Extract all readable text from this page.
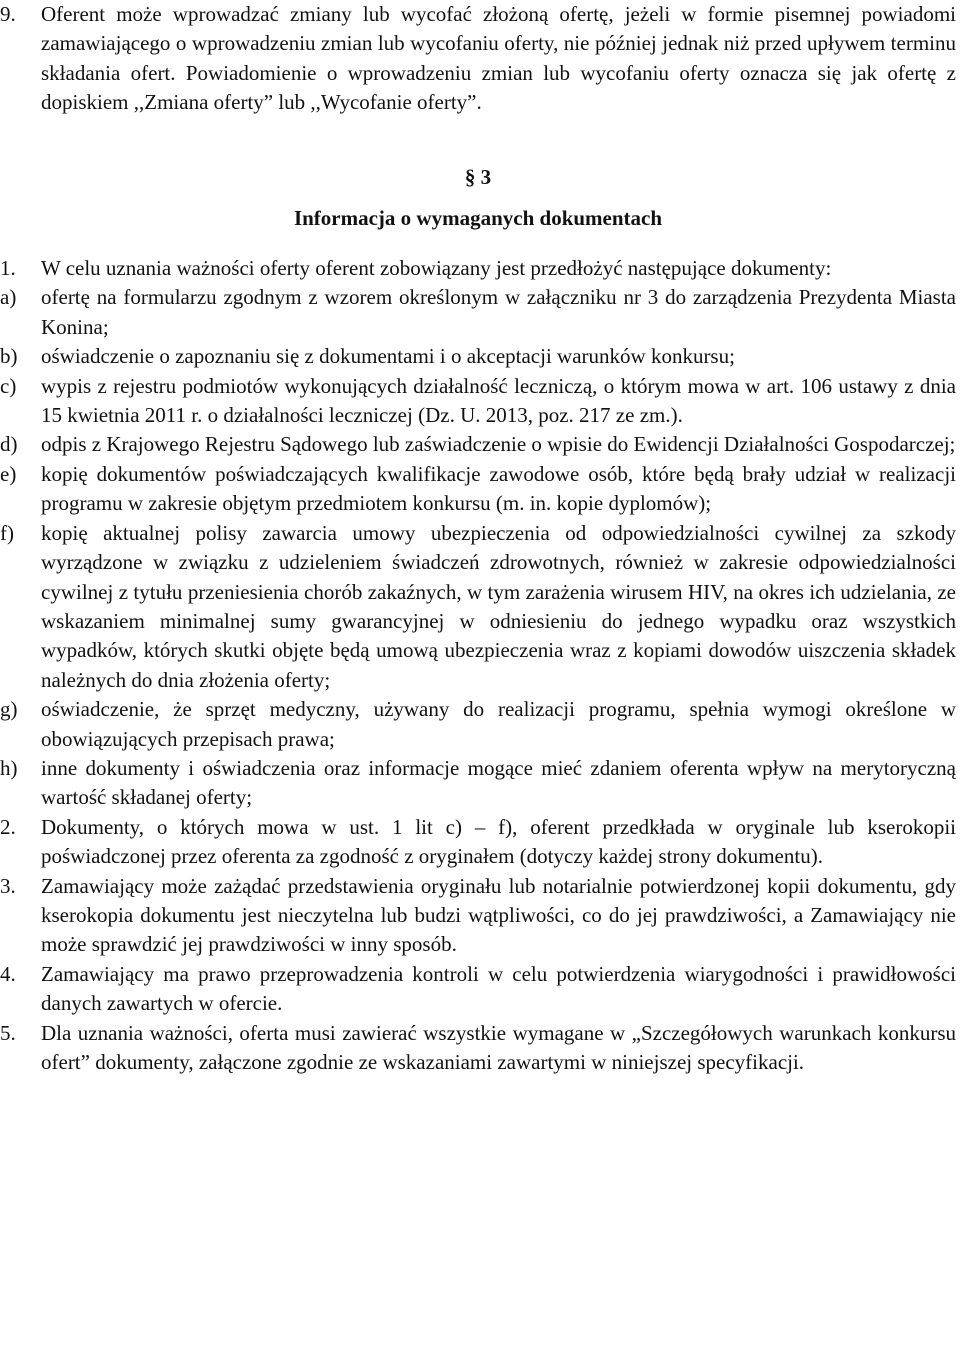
9.	Oferent może wprowadzać zmiany lub wycofać złożoną ofertę, jeżeli w formie pisemnej powiadomi zamawiającego o wprowadzeniu zmian lub wycofaniu oferty, nie później jednak niż przed upływem terminu składania ofert. Powiadomienie o wprowadzeniu zmian lub wycofaniu oferty oznacza się jak ofertę z dopiskiem ,,Zmiana oferty” lub ,,Wycofanie oferty”.
§ 3
Informacja o wymaganych dokumentach
1.	W celu uznania ważności oferty oferent zobowiązany jest przedłożyć następujące dokumenty:
a)	ofertę na formularzu zgodnym z wzorem określonym w załączniku nr 3 do zarządzenia Prezydenta Miasta Konina;
b)	oświadczenie o zapoznaniu się z dokumentami i o akceptacji warunków konkursu;
c)	wypis z rejestru podmiotów wykonujących działalność leczniczą, o którym mowa w art. 106 ustawy z dnia 15 kwietnia 2011 r. o działalności leczniczej (Dz. U. 2013, poz. 217 ze zm.).
d)	odpis z Krajowego Rejestru Sądowego lub zaświadczenie o wpisie do Ewidencji Działalności Gospodarczej;
e)	kopię dokumentów poświadczających kwalifikacje zawodowe osób, które będą brały udział w realizacji programu w zakresie objętym przedmiotem konkursu (m. in. kopie dyplomów);
f)	kopię aktualnej polisy zawarcia umowy ubezpieczenia od odpowiedzialności cywilnej za szkody wyrządzone w związku z udzieleniem świadczeń zdrowotnych, również w zakresie odpowiedzialności cywilnej z tytułu przeniesienia chorób zakaźnych, w tym zarażenia wirusem HIV, na okres ich udzielania, ze wskazaniem minimalnej sumy gwarancyjnej w odniesieniu do jednego wypadku oraz wszystkich wypadków, których skutki objęte będą umową ubezpieczenia wraz z kopiami dowodów uiszczenia składek należnych do dnia złożenia oferty;
g)	oświadczenie, że sprzęt medyczny, używany do realizacji programu, spełnia wymogi określone w obowiązujących przepisach prawa;
h)	inne dokumenty i oświadczenia oraz informacje mogące mieć zdaniem oferenta wpływ na merytoryczną wartość składanej oferty;
2.	Dokumenty, o których mowa w ust. 1 lit c) – f), oferent przedkłada w oryginale lub kserokopii poświadczonej przez oferenta za zgodność z oryginałem (dotyczy każdej strony dokumentu).
3.	Zamawiający może zażądać przedstawienia oryginału lub notarialnie potwierdzonej kopii dokumentu, gdy kserokopia dokumentu jest nieczytelna lub budzi wątpliwości, co do jej prawdziwości, a Zamawiający nie może sprawdzić jej prawdziwości w inny sposób.
4.	Zamawiający ma prawo przeprowadzenia kontroli w celu potwierdzenia wiarygodności i prawidłowości danych zawartych w ofercie.
5.	Dla uznania ważności, oferta musi zawierać wszystkie wymagane w „Szczegółowych warunkach konkursu ofert” dokumenty, załączone zgodnie ze wskazaniami zawartymi w niniejszej specyfikacji.
